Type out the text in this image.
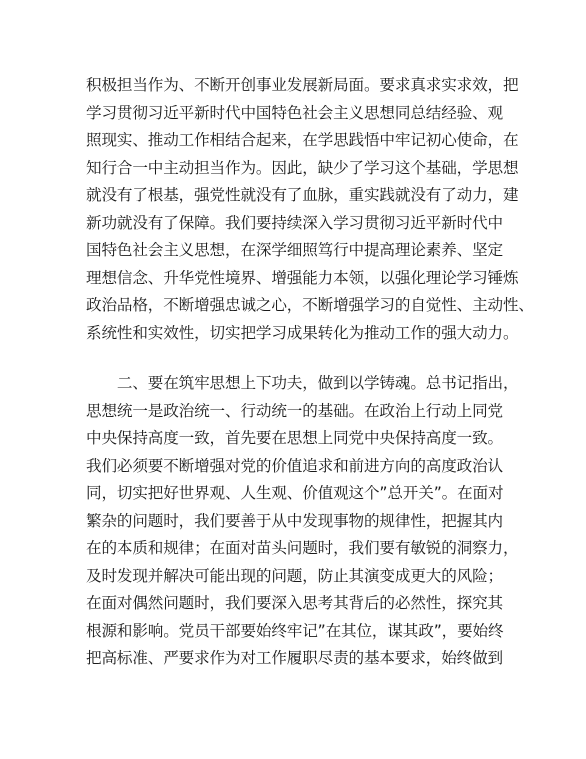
积极担当作为、不断开创事业发展新局面。要求真求实求效，把
学习贯彻习近平新时代中国特色社会主义思想同总结经验、观
照现实、推动工作相结合起来，在学思践悟中牢记初心使命，在
知行合一中主动担当作为。因此，缺少了学习这个基础，学思想
就没有了根基，强党性就没有了血脉，重实践就没有了动力，建
新功就没有了保障。我们要持续深入学习贯彻习近平新时代中
国特色社会主义思想，在深学细照笃行中提高理论素养、坚定
理想信念、升华党性境界、增强能力本领，以强化理论学习锤炼
政治品格，不断增强忠诚之心，不断增强学习的自觉性、主动性、
系统性和实效性，切实把学习成果转化为推动工作的强大动力。
　　二、要在筑牢思想上下功夫，做到以学铸魂。总书记指出，
思想统一是政治统一、行动统一的基础。在政治上行动上同党
中央保持高度一致，首先要在思想上同党中央保持高度一致。
我们必须要不断增强对党的价值追求和前进方向的高度政治认
同，切实把好世界观、人生观、价值观这个”总开关”。在面对
繁杂的问题时，我们要善于从中发现事物的规律性，把握其内
在的本质和规律；在面对苗头问题时，我们要有敏锐的洞察力，
及时发现并解决可能出现的问题，防止其演变成更大的风险；
在面对偶然问题时，我们要深入思考其背后的必然性，探究其
根源和影响。党员干部要始终牢记”在其位，谋其政”，要始终
把高标准、严要求作为对工作履职尽责的基本要求，始终做到
